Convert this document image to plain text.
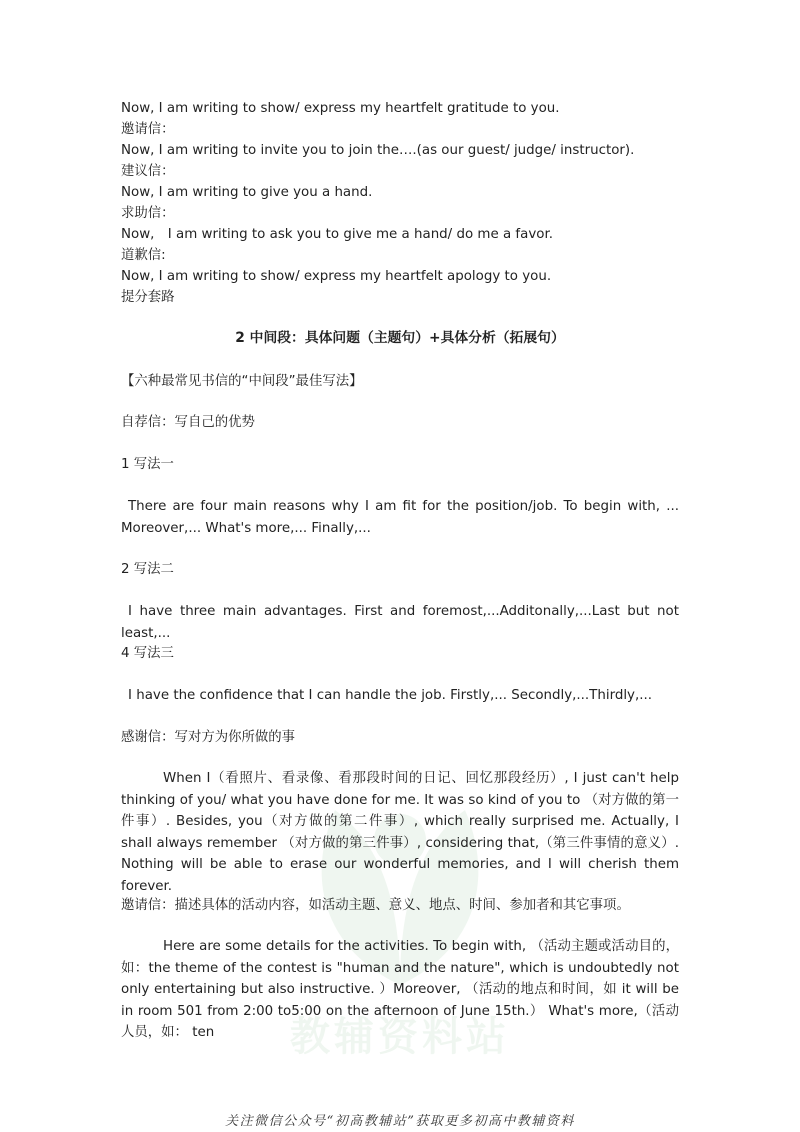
教辅资料站

Now, I am writing to show/ express my heartfelt gratitude to you.

邀请信：

Now, I am writing to invite you to join the….(as our guest/ judge/ instructor).

建议信：

Now, I am writing to give you a hand.

求助信：

Now,　I am writing to ask you to give me a hand/ do me a favor.

道歉信:

Now, I am writing to show/ express my heartfelt apology to you.

提分套路

2 中间段：具体问题（主题句）+具体分析（拓展句）

【六种最常见书信的“中间段”最佳写法】

自荐信：写自己的优势

1 写法一

There are four main reasons why I am fit for the position/job. To begin with, ... Moreover,... What's more,... Finally,...

2 写法二

I have three main advantages. First and foremost,...Additonally,...Last but not least,...

4 写法三

I have the confidence that I can handle the job. Firstly,... Secondly,...Thirdly,...

感谢信：写对方为你所做的事

When I（看照片、看录像、看那段时间的日记、回忆那段经历）, I just can't help thinking of you/ what you have done for me. It was so kind of you to （对方做的第一件事）. Besides, you（对方做的第二件事）, which really surprised me. Actually, I shall always remember （对方做的第三件事）, considering that,（第三件事情的意义）. Nothing will be able to erase our wonderful memories, and I will cherish them forever.

邀请信：描述具体的活动内容，如活动主题、意义、地点、时间、参加者和其它事项。

Here are some details for the activities. To begin with, （活动主题或活动目的，如：the theme of the contest is "human and the nature", which is undoubtedly not only entertaining but also instructive. ）Moreover, （活动的地点和时间，如 it will be in room 501 from 2:00 to5:00 on the afternoon of June 15th.） What's more,（活动人员，如： ten

关注微信公众号“初高教辅站”获取更多初高中教辅资料
